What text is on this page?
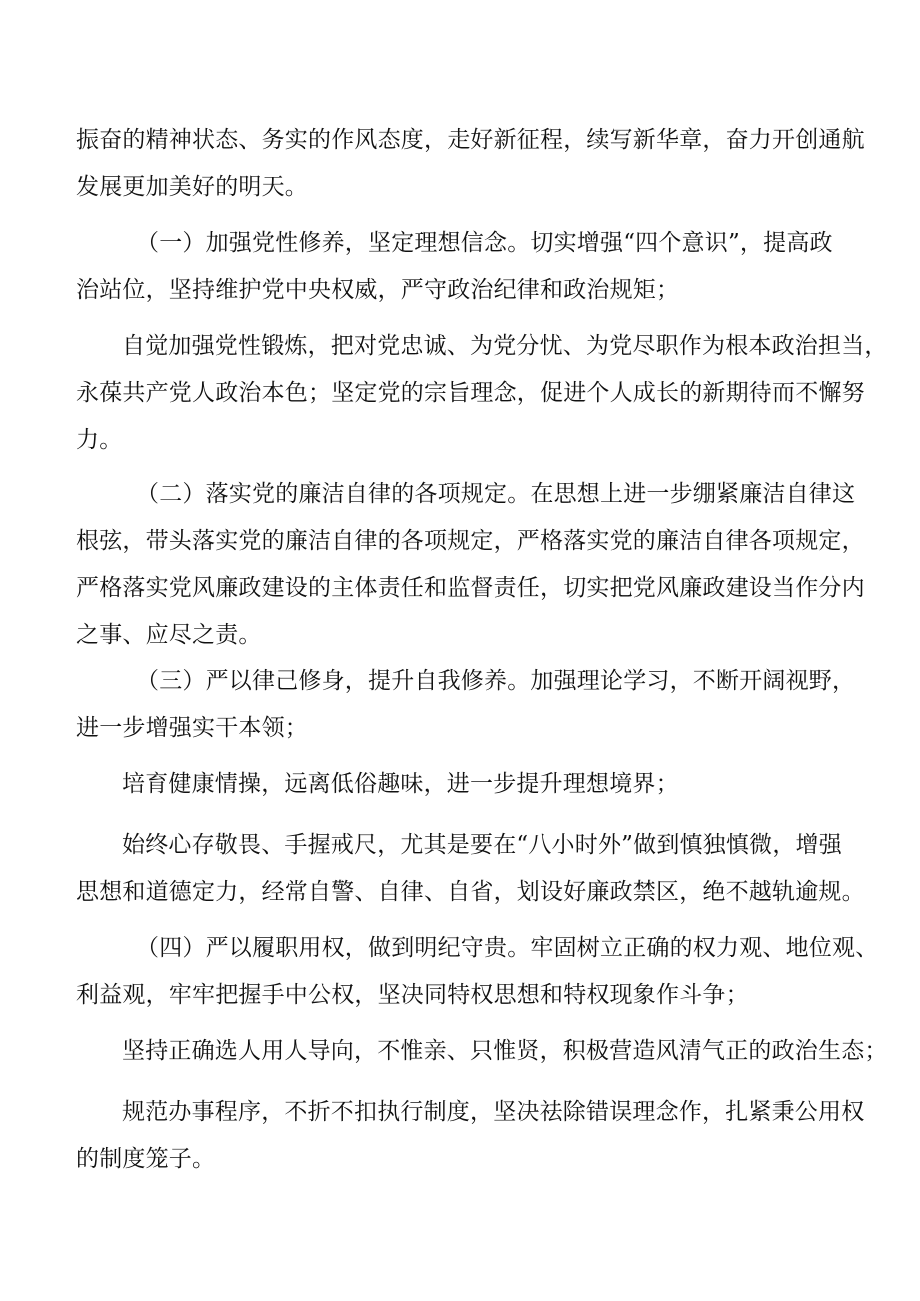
振奋的精神状态、务实的作风态度，走好新征程，续写新华章，奋力开创通航
发展更加美好的明天。
（一）加强党性修养，坚定理想信念。切实增强“四个意识”，提高政
治站位，坚持维护党中央权威，严守政治纪律和政治规矩；
自觉加强党性锻炼，把对党忠诚、为党分忧、为党尽职作为根本政治担当，
永葆共产党人政治本色；坚定党的宗旨理念，促进个人成长的新期待而不懈努
力。
（二）落实党的廉洁自律的各项规定。在思想上进一步绷紧廉洁自律这
根弦，带头落实党的廉洁自律的各项规定，严格落实党的廉洁自律各项规定，
严格落实党风廉政建设的主体责任和监督责任，切实把党风廉政建设当作分内
之事、应尽之责。
（三）严以律己修身，提升自我修养。加强理论学习，不断开阔视野，
进一步增强实干本领；
培育健康情操，远离低俗趣味，进一步提升理想境界；
始终心存敬畏、手握戒尺，尤其是要在“八小时外”做到慎独慎微，增强
思想和道德定力，经常自警、自律、自省，划设好廉政禁区，绝不越轨逾规。
（四）严以履职用权，做到明纪守贵。牢固树立正确的权力观、地位观、
利益观，牢牢把握手中公权，坚决同特权思想和特权现象作斗争；
坚持正确选人用人导向，不惟亲、只惟贤，积极营造风清气正的政治生态；
规范办事程序，不折不扣执行制度，坚决祛除错误理念作，扎紧秉公用权
的制度笼子。
